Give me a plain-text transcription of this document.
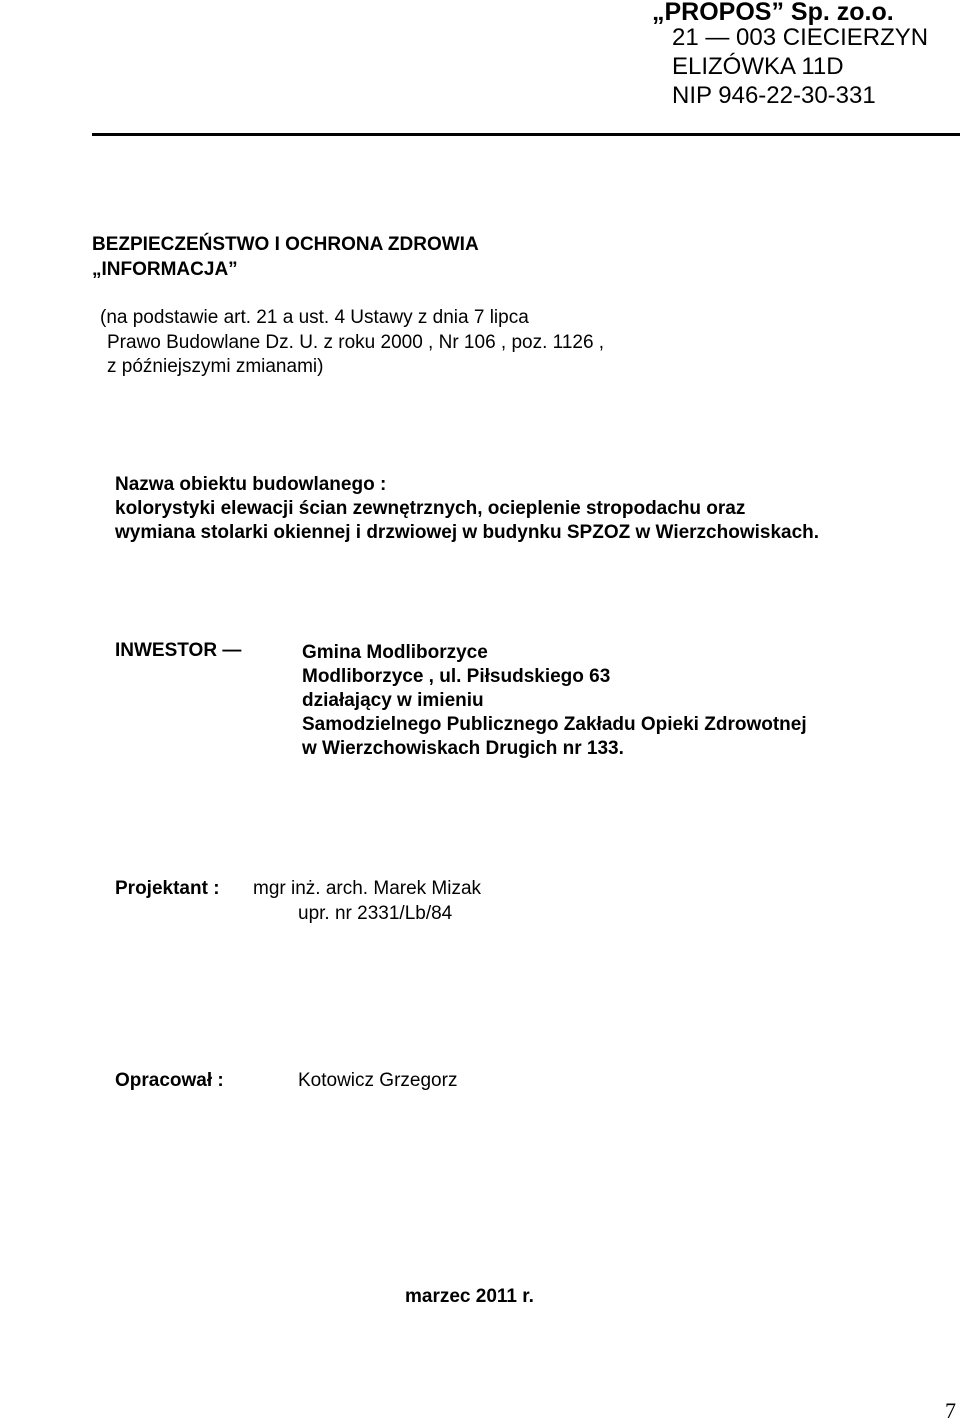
„PROPOS” Sp. zo.o.
21 — 003 CIECIERZYN
ELIZÓWKA 11D
NIP 946-22-30-331
BEZPIECZEŃSTWO I OCHRONA ZDROWIA
„INFORMACJA”
(na podstawie art. 21 a ust. 4 Ustawy z dnia 7 lipca
Prawo Budowlane Dz. U. z roku 2000 , Nr 106 , poz. 1126 ,
z późniejszymi zmianami)
Nazwa obiektu budowlanego :
kolorystyki elewacji ścian zewnętrznych, ocieplenie stropodachu oraz
wymiana stolarki okiennej i drzwiowej w budynku SPZOZ w Wierzchowiskach.
INWESTOR —	Gmina Modliborzyce
Modliborzyce , ul. Piłsudskiego 63
działający w imieniu
Samodzielnego Publicznego Zakładu Opieki Zdrowotnej
w Wierzchowiskach Drugich nr 133.
Projektant : mgr inż. arch. Marek Mizak
upr. nr 2331/Lb/84
Opracował :	Kotowicz Grzegorz
marzec 2011 r.
7
